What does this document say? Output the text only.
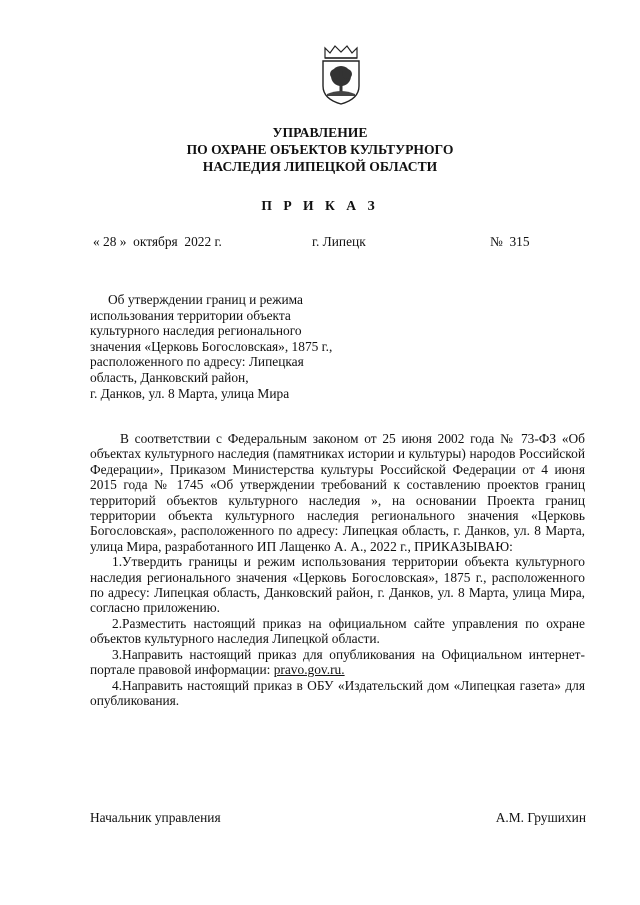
УПРАВЛЕНИЕ
ПО ОХРАНЕ ОБЪЕКТОВ КУЛЬТУРНОГО
НАСЛЕДИЯ ЛИПЕЦКОЙ ОБЛАСТИ
П Р И К А З
« 28 »  октября  2022 г.	г. Липецк	№  315
Об утверждении границ и режима
использования территории объекта
культурного наследия регионального
значения «Церковь Богословская», 1875 г.,
расположенного по адресу: Липецкая
область, Данковский район,
г. Данков, ул. 8 Марта, улица Мира

В соответствии с Федеральным законом от 25 июня 2002 года № 73-ФЗ «Об объектах культурного наследия (памятниках истории и культуры) народов Российской Федерации», Приказом Министерства культуры Российской Федерации от 4 июня 2015 года № 1745 «Об утверждении требований к составлению проектов границ территорий объектов культурного наследия », на основании Проекта границ территории объекта культурного наследия регионального значения «Церковь Богословская», расположенного по адресу: Липецкая область, г. Данков, ул. 8 Марта, улица Мира, разработанного ИП Лащенко А. А., 2022 г., ПРИКАЗЫВАЮ:

1.Утвердить границы и режим использования территории объекта культурного наследия регионального значения «Церковь Богословская», 1875 г., расположенного по адресу: Липецкая область, Данковский район, г. Данков, ул. 8 Марта, улица Мира, согласно приложению.

2.Разместить настоящий приказ на официальном сайте управления по охране объектов культурного наследия Липецкой области.

3.Направить настоящий приказ для опубликования на Официальном интернет-портале правовой информации: pravo.gov.ru.

4.Направить настоящий приказ в ОБУ «Издательский дом «Липецкая газета» для опубликования.

Начальник управления	А.М. Грушихин
